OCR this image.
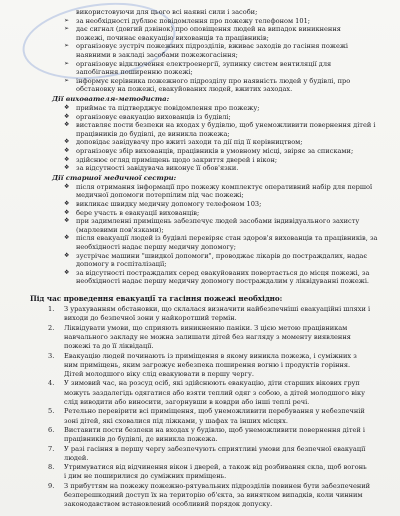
використовуючи для цього всі наявні сили і засоби;
➢ за необхідності дублює повідомлення про пожежу телефоном 101;
➢ дає сигнал (довгий дзвінок) про оповіщення людей на випадок виникнення
пожежі, починає евакуацію вихованців та працівників;
➢ організовує зустріч пожежних підрозділів, вживає заходів до гасіння пожежі
наявними в закладі засобами пожежогасіння;
➢ організовує відключення електроенергії, зупинку систем вентиляції для
запобігання поширенню пожежі;
➢ інформує керівника пожежного підрозділу про наявність людей у будівлі, про
обстановку на пожежі, евакуйованих людей, вжитих заходах.
Дії вихователя-методиста:
❖ приймає та підтверджує повідомлення про пожежу;
❖ організовує евакуацію вихованців із будівлі;
❖ виставляє пости безпеки на входах у будівлю, щоб унеможливити повернення дітей і
працівників до будівлі, де виникла пожежа;
❖ доповідає завідувачу про вжиті заходи та дії під її керівництвом;
❖ організовує збір вихованців, працівників в умовному місці, звіряє за списками;
❖ здійснює огляд приміщень щодо закриття дверей і вікон;
❖ за відсутності завідувача виконує її обов'язки.
Дії старшої медичної сестри:
❖ після отримання інформації про пожежу комплектує оперативний набір для першої
медичної допомоги потерпілим під час пожежі;
❖ викликає швидку медичну допомогу телефоном 103;
❖ бере участь в евакуації вихованців;
❖ при задимленні приміщень забезпечує людей засобами індивідуального захисту
(марлевими пов'язками);
❖ після евакуації людей із будівлі перевіряє стан здоров'я вихованців та працівників, за
необхідності надає першу медичну допомогу;
❖ зустрічає машини "швидкої допомоги", проводжає лікарів до постраждалих, надає
допомогу в госпіталізації;
❖ за відсутності постраждалих серед евакуйованих повертається до місця пожежі, за
необхідності надає першу медичну допомогу постраждалим у ліквідуванні пожежі.
Під час проведення евакуації та гасіння пожежі необхідно:
1. З урахуванням обстановки, що склалася визначити найбезпечніші евакуаційні шляхи і
виходи до безпечної зони у найкоротший термін.
2. Ліквідувати умови, що сприяють виникненню паніки. З цією метою працівникам
навчального закладу не можна залишати дітей без нагляду з моменту виявлення
пожежі та до її ліквідації.
3. Евакуацію людей починають із приміщення в якому виникла пожежа, і суміжних з
ним приміщень, яким загрожує небезпека поширення вогню і продуктів горіння.
Дітей молодшого віку слід евакуювати в першу чергу.
4. У зимовий час, на розсуд осіб, які здійснюють евакуацію, діти старших вікових груп
можуть заздалегідь одягатися або взяти теплий одяг з собою, а дітей молодшого віку
слід виводити або виносити, загорнувши в ковдри або інші теплі речі.
5. Ретельно перевірити всі приміщення, щоб унеможливити перебування у небезпечній
зоні дітей, які сховалися під ліжками, у шафах та інших місцях.
6. Виставити пости безпеки на входах у будівлю, щоб унеможливити повернення дітей і
працівників до будівлі, де виникла пожежа.
7. У разі гасіння в першу чергу забезпечують сприятливі умови для безпечної евакуації
людей.
8. Утримуватися від відчинення вікон і дверей, а також від розбивання скла, щоб вогонь
і дим не поширилися до суміжних приміщень.
9. З прибуттям на пожежу пожежно-рятувальних підрозділів повинен бути забезпечений
безперешкодний доступ їх на територію об'єкта, за винятком випадків, коли чинним
законодавством встановлений особливий порядок допуску.
